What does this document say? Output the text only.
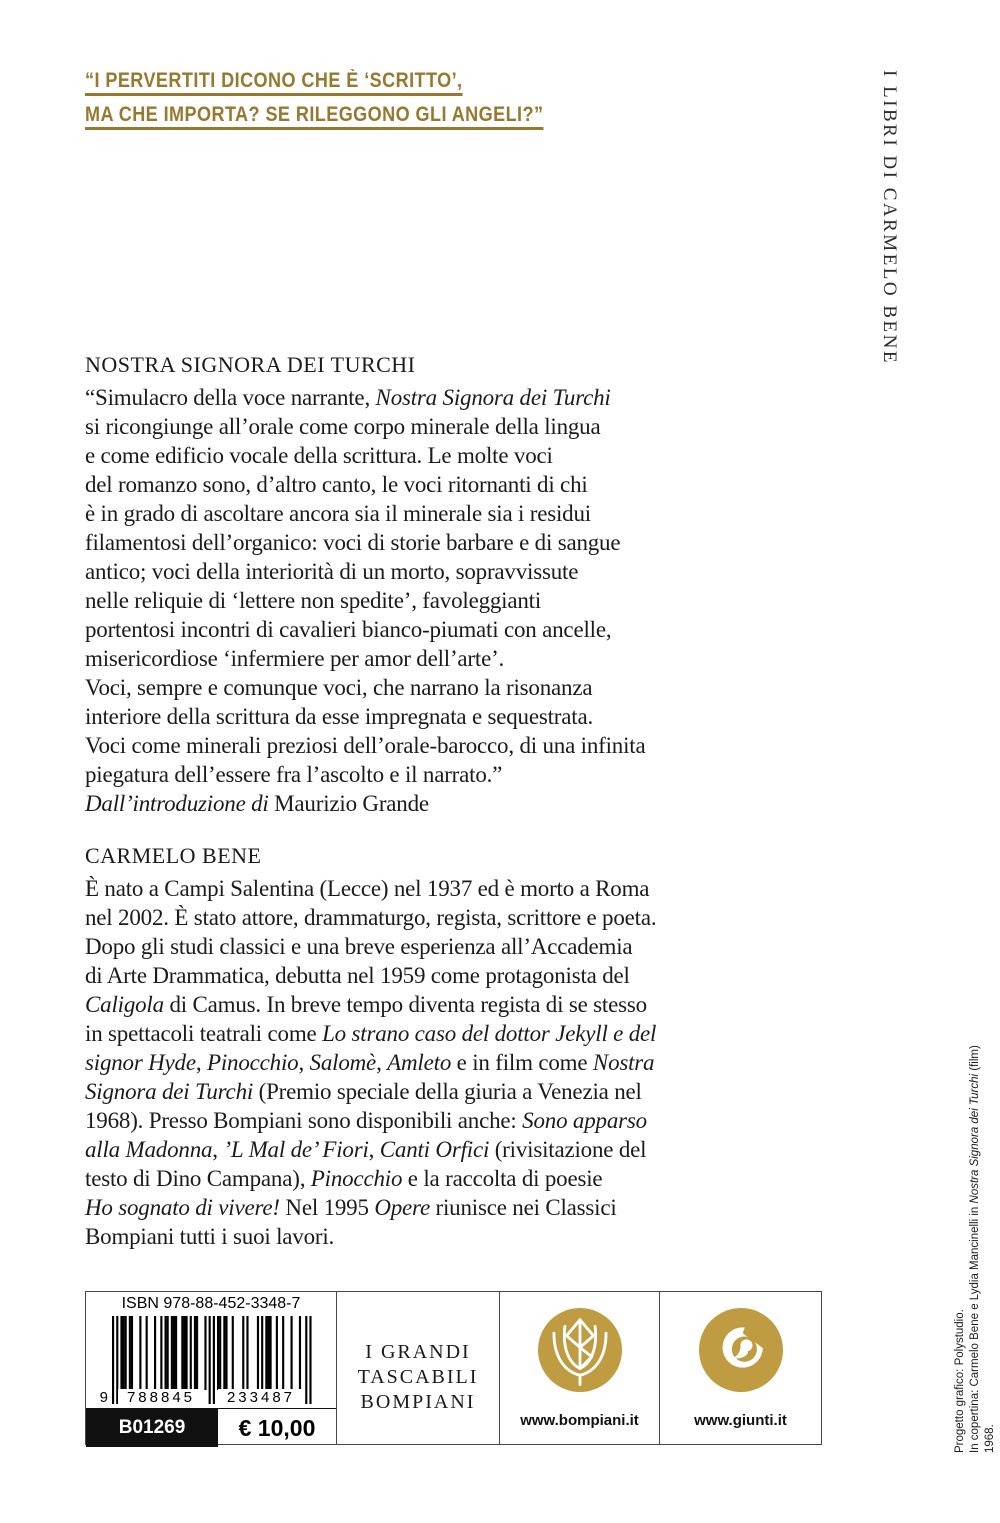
“I PERVERTITI DICONO CHE È ‘SCRITTO’,
MA CHE IMPORTA? SE RILEGGONO GLI ANGELI?”	I LIBRI DI CARMELO BENE
NOSTRA SIGNORA DEI TURCHI
“Simulacro della voce narrante, Nostra Signora dei Turchi
si ricongiunge all’orale come corpo minerale della lingua
e come edificio vocale della scrittura. Le molte voci
del romanzo sono, d’altro canto, le voci ritornanti di chi
è in grado di ascoltare ancora sia il minerale sia i residui
filamentosi dell’organico: voci di storie barbare e di sangue
antico; voci della interiorità di un morto, sopravvissute
nelle reliquie di ‘lettere non spedite’, favoleggianti
portentosi incontri di cavalieri bianco-piumati con ancelle,
misericordiose ‘infermiere per amor dell’arte’.
Voci, sempre e comunque voci, che narrano la risonanza
interiore della scrittura da esse impregnata e sequestrata.
Voci come minerali preziosi dell’orale-barocco, di una infinita
piegatura dell’essere fra l’ascolto e il narrato.”
Dall’introduzione di Maurizio Grande
CARMELO BENE
È nato a Campi Salentina (Lecce) nel 1937 ed è morto a Roma
nel 2002. È stato attore, drammaturgo, regista, scrittore e poeta.
Dopo gli studi classici e una breve esperienza all’Accademia
di Arte Drammatica, debutta nel 1959 come protagonista del
Caligola di Camus. In breve tempo diventa regista di se stesso
in spettacoli teatrali come Lo strano caso del dottor Jekyll e del
signor Hyde, Pinocchio, Salomè, Amleto e in film come Nostra
Signora dei Turchi (Premio speciale della giuria a Venezia nel
1968). Presso Bompiani sono disponibili anche: Sono apparso
alla Madonna, ’L Mal de’ Fiori, Canti Orfici (rivisitazione del
testo di Dino Campana), Pinocchio e la raccolta di poesie
Ho sognato di vivere! Nel 1995 Opere riunisce nei Classici
Bompiani tutti i suoi lavori.
ISBN 978-88-452-3348-7
9	788845	233487
B01269	€ 10,00
I GRANDI
TASCABILI
BOMPIANI
www.bompiani.it	www.giunti.it	In copertina: Carmelo Bene e Lydia Mancinelli in Nostra Signora dei Turchi (film) 1968.
Progetto grafico: Polystudio.
